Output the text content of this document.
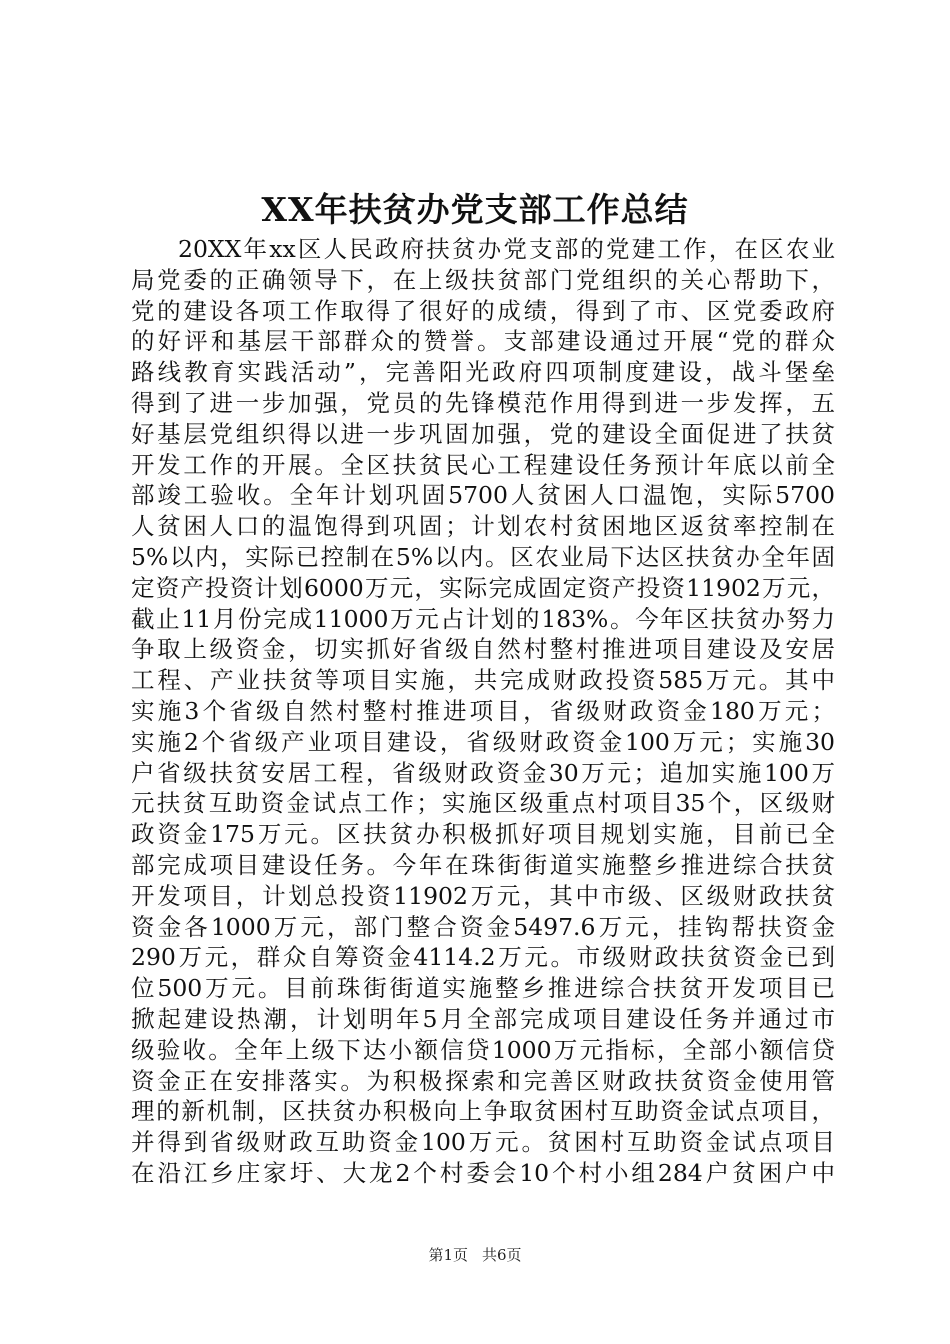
XX年扶贫办党支部工作总结
20XX年xx区人民政府扶贫办党支部的党建工作，在区农业
局党委的正确领导下，在上级扶贫部门党组织的关心帮助下，
党的建设各项工作取得了很好的成绩，得到了市、区党委政府
的好评和基层干部群众的赞誉。支部建设通过开展“党的群众
路线教育实践活动”，完善阳光政府四项制度建设，战斗堡垒
得到了进一步加强，党员的先锋模范作用得到进一步发挥，五
好基层党组织得以进一步巩固加强，党的建设全面促进了扶贫
开发工作的开展。全区扶贫民心工程建设任务预计年底以前全
部竣工验收。全年计划巩固5700人贫困人口温饱，实际5700
人贫困人口的温饱得到巩固；计划农村贫困地区返贫率控制在
5%以内，实际已控制在5%以内。区农业局下达区扶贫办全年固
定资产投资计划6000万元，实际完成固定资产投资11902万元，
截止11月份完成11000万元占计划的183%。今年区扶贫办努力
争取上级资金，切实抓好省级自然村整村推进项目建设及安居
工程、产业扶贫等项目实施，共完成财政投资585万元。其中
实施3个省级自然村整村推进项目，省级财政资金180万元；
实施2个省级产业项目建设，省级财政资金100万元；实施30
户省级扶贫安居工程，省级财政资金30万元；追加实施100万
元扶贫互助资金试点工作；实施区级重点村项目35个，区级财
政资金175万元。区扶贫办积极抓好项目规划实施，目前已全
部完成项目建设任务。今年在珠街街道实施整乡推进综合扶贫
开发项目，计划总投资11902万元，其中市级、区级财政扶贫
资金各1000万元，部门整合资金5497.6万元，挂钩帮扶资金
290万元，群众自筹资金4114.2万元。市级财政扶贫资金已到
位500万元。目前珠街街道实施整乡推进综合扶贫开发项目已
掀起建设热潮，计划明年5月全部完成项目建设任务并通过市
级验收。全年上级下达小额信贷1000万元指标，全部小额信贷
资金正在安排落实。为积极探索和完善区财政扶贫资金使用管
理的新机制，区扶贫办积极向上争取贫困村互助资金试点项目，
并得到省级财政互助资金100万元。贫困村互助资金试点项目
在沿江乡庄家圩、大龙2个村委会10个村小组284户贫困户中
第1页 共6页
